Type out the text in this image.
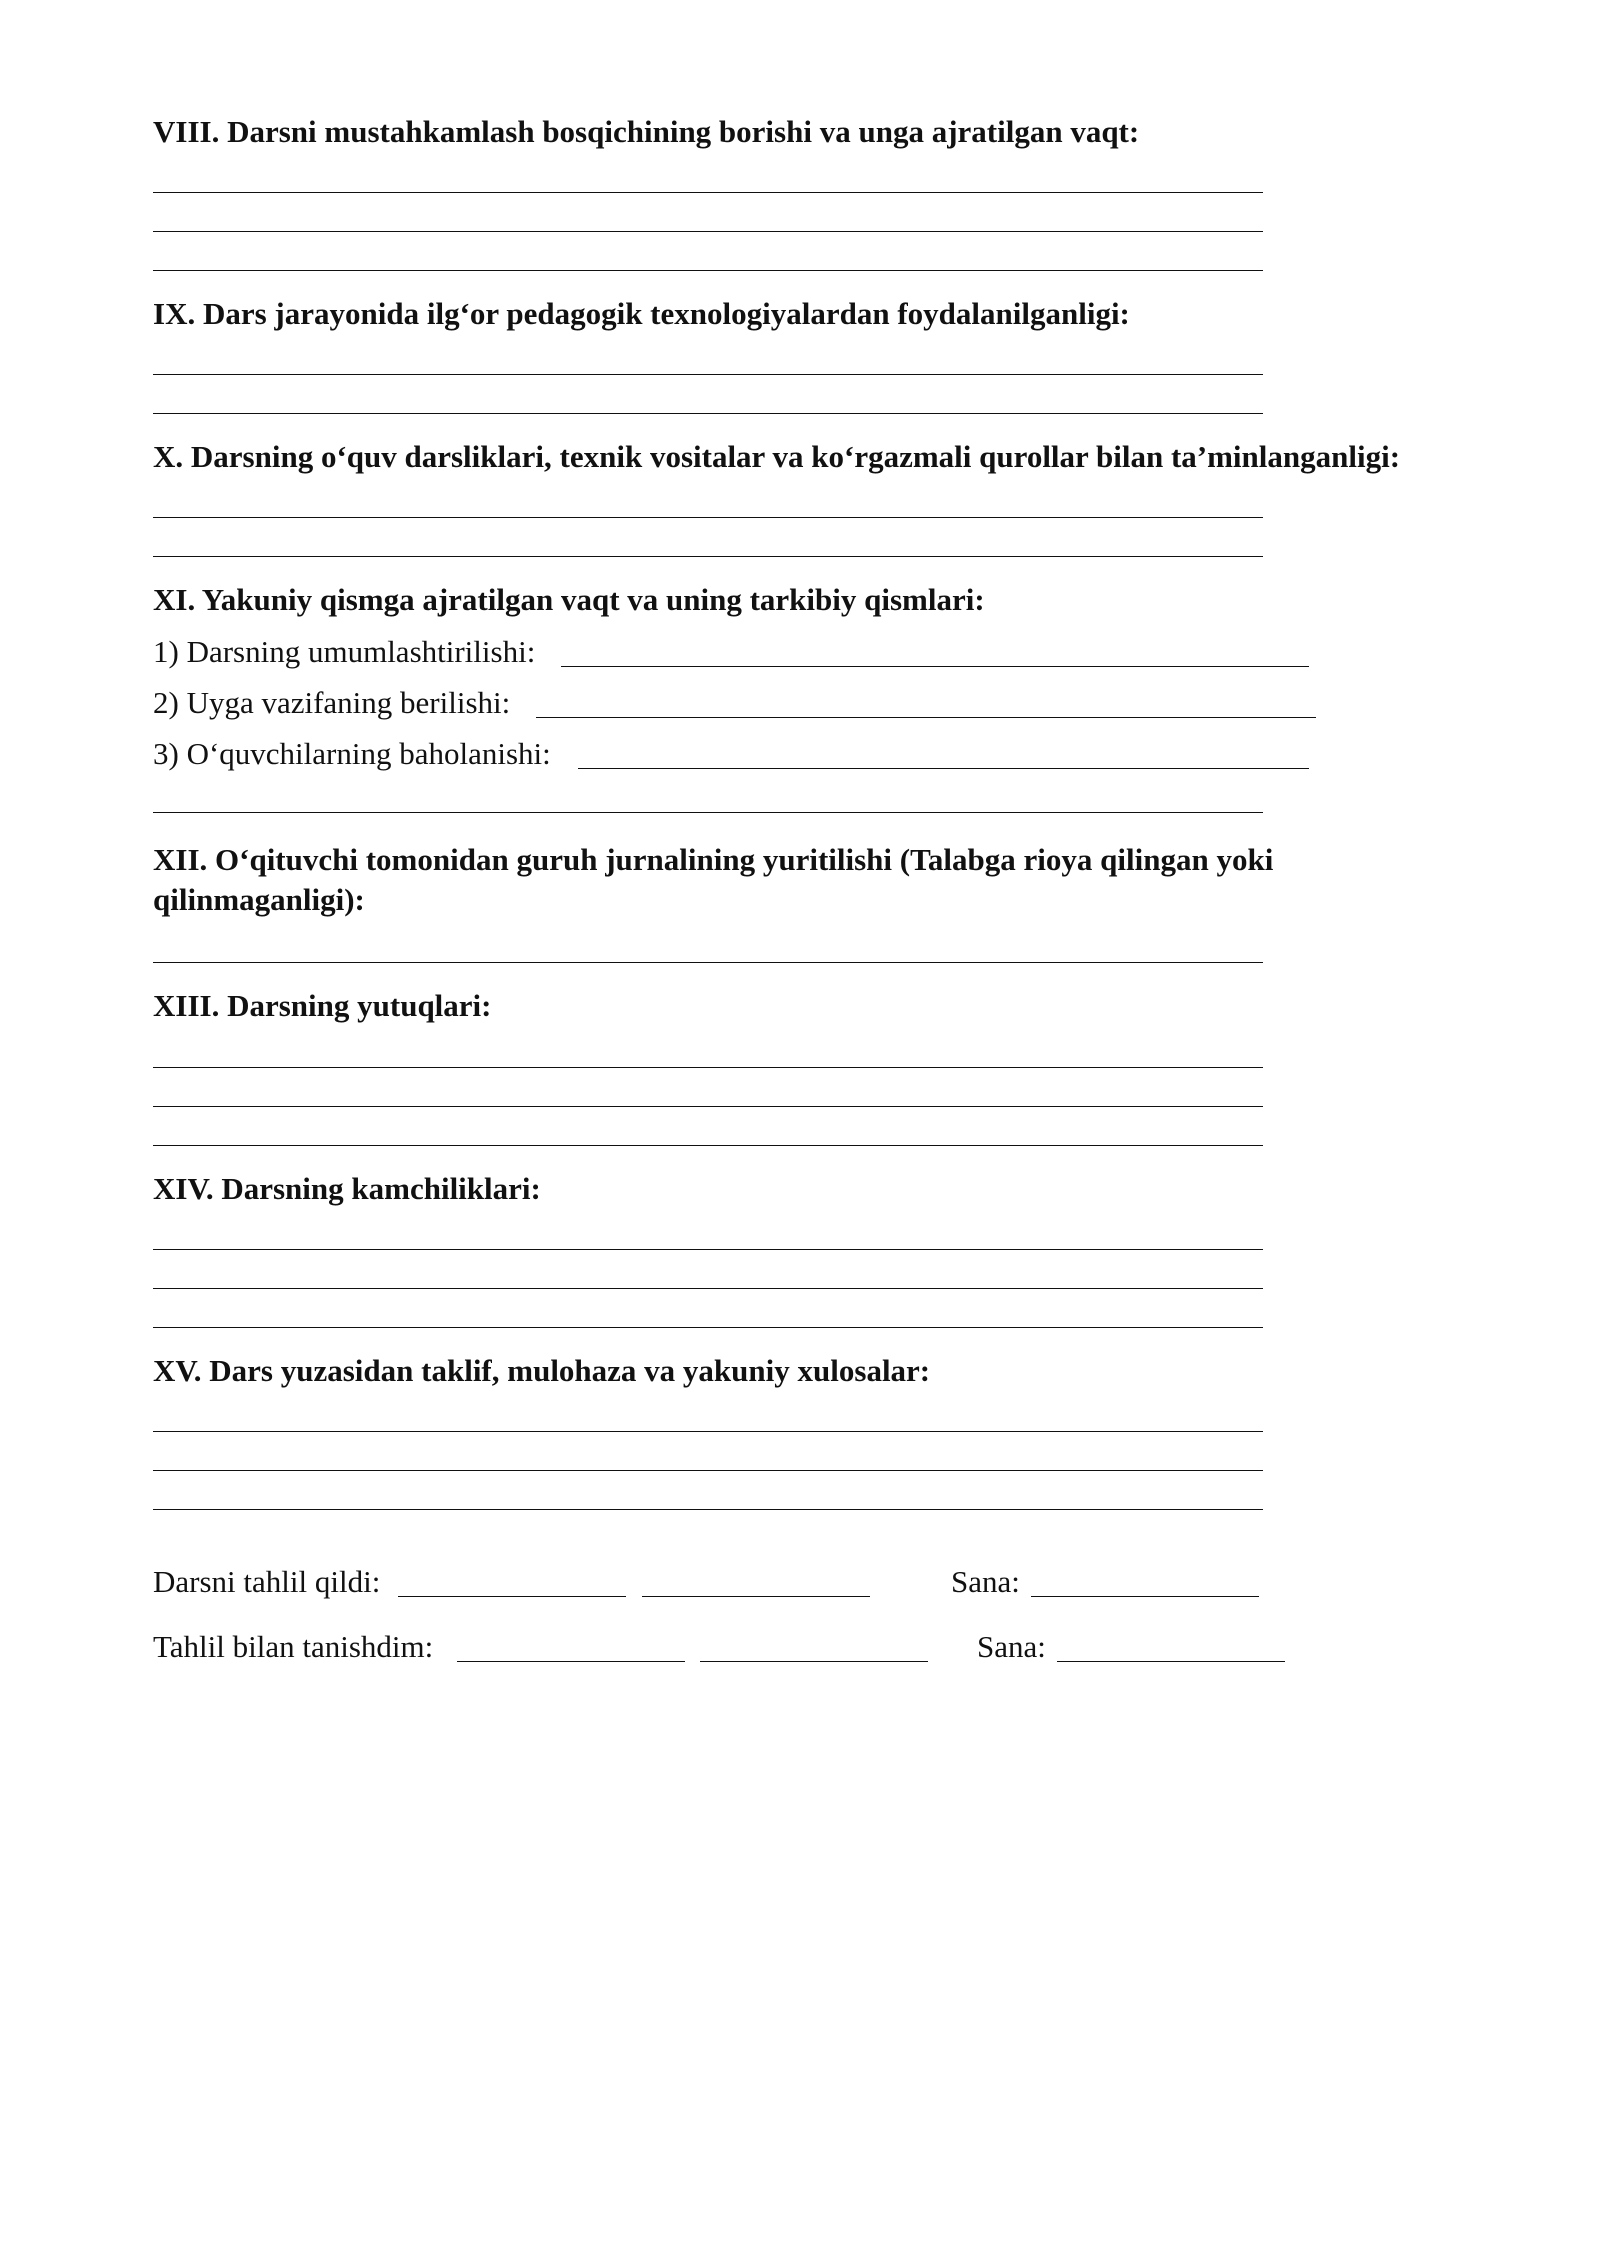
VIII. Darsni mustahkamlash bosqichining borishi va unga ajratilgan vaqt:
IX. Dars jarayonida ilg‘or pedagogik texnologiyalardan foydalanilganligi:
X. Darsning o‘quv darsliklari, texnik vositalar va ko‘rgazmali qurollar bilan ta’minlanganligi:
XI. Yakuniy qismga ajratilgan vaqt va uning tarkibiy qismlari:
1) Darsning umumlashtirilishi:
2) Uyga vazifaning berilishi:
3) O‘quvchilarning baholanishi:
XII. O‘qituvchi tomonidan guruh jurnalining yuritilishi (Talabga rioya qilingan yoki qilinmaganligi):
XIII. Darsning yutuqlari:
XIV. Darsning kamchiliklari:
XV. Dars yuzasidan taklif, mulohaza va yakuniy xulosalar:
Darsni tahlil qildi:	Sana:
Tahlil bilan tanishdim:	Sana:
